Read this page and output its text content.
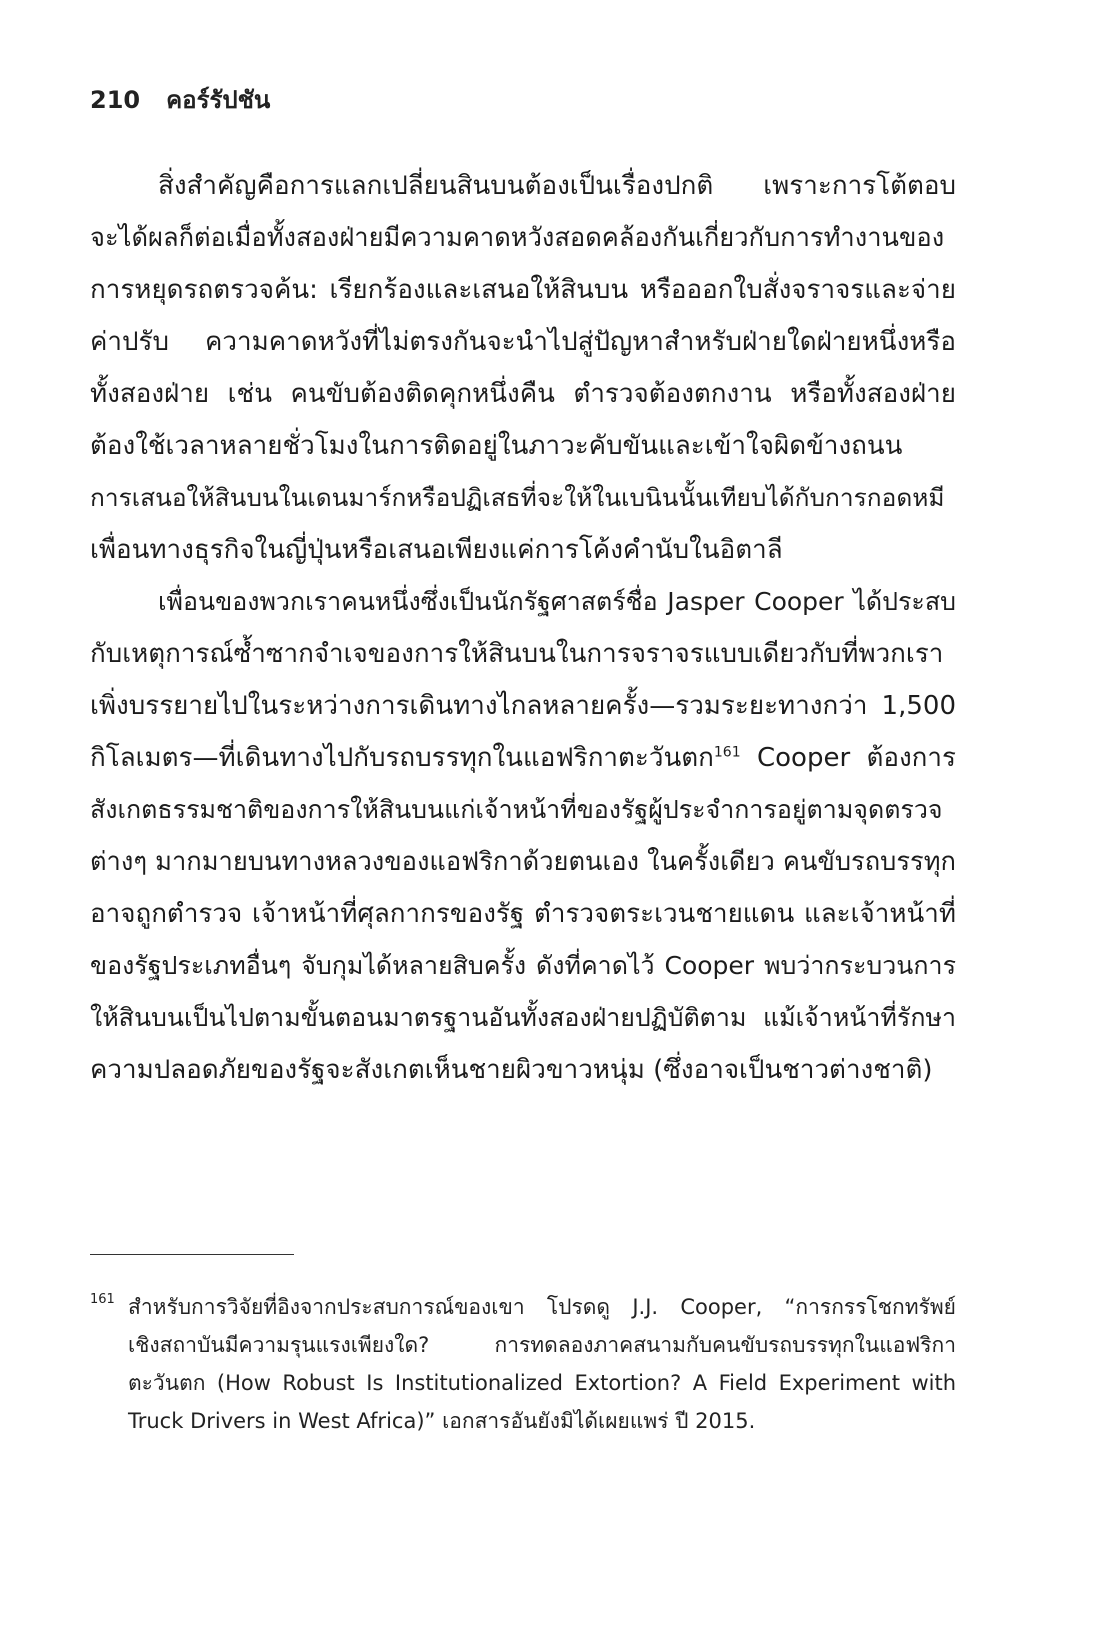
210 คอร์รัปชัน
สิ่งสำคัญคือการแลกเปลี่ยนสินบนต้องเป็นเรื่องปกติ เพราะการโต้ตอบ
จะได้ผลก็ต่อเมื่อทั้งสองฝ่ายมีความคาดหวังสอดคล้องกันเกี่ยวกับการทำงานของ
การหยุดรถตรวจค้น: เรียกร้องและเสนอให้สินบน หรือออกใบสั่งจราจรและจ่าย
ค่าปรับ ความคาดหวังที่ไม่ตรงกันจะนำไปสู่ปัญหาสำหรับฝ่ายใดฝ่ายหนึ่งหรือ
ทั้งสองฝ่าย เช่น คนขับต้องติดคุกหนึ่งคืน ตำรวจต้องตกงาน หรือทั้งสองฝ่าย
ต้องใช้เวลาหลายชั่วโมงในการติดอยู่ในภาวะคับขันและเข้าใจผิดข้างถนน
การเสนอให้สินบนในเดนมาร์กหรือปฏิเสธที่จะให้ในเบนินนั้นเทียบได้กับการกอดหมี
เพื่อนทางธุรกิจในญี่ปุ่นหรือเสนอเพียงแค่การโค้งคำนับในอิตาลี
เพื่อนของพวกเราคนหนึ่งซึ่งเป็นนักรัฐศาสตร์ชื่อ Jasper Cooper ได้ประสบ
กับเหตุการณ์ซ้ำซากจำเจของการให้สินบนในการจราจรแบบเดียวกับที่พวกเรา
เพิ่งบรรยายไปในระหว่างการเดินทางไกลหลายครั้ง—รวมระยะทางกว่า 1,500
กิโลเมตร—ที่เดินทางไปกับรถบรรทุกในแอฟริกาตะวันตก$^{161}$ Cooper ต้องการ
สังเกตธรรมชาติของการให้สินบนแก่เจ้าหน้าที่ของรัฐผู้ประจำการอยู่ตามจุดตรวจ
ต่างๆ มากมายบนทางหลวงของแอฟริกาด้วยตนเอง ในครั้งเดียว คนขับรถบรรทุก
อาจถูกตำรวจ เจ้าหน้าที่ศุลกากรของรัฐ ตำรวจตระเวนชายแดน และเจ้าหน้าที่
ของรัฐประเภทอื่นๆ จับกุมได้หลายสิบครั้ง ดังที่คาดไว้ Cooper พบว่ากระบวนการ
ให้สินบนเป็นไปตามขั้นตอนมาตรฐานอันทั้งสองฝ่ายปฏิบัติตาม แม้เจ้าหน้าที่รักษา
ความปลอดภัยของรัฐจะสังเกตเห็นชายผิวขาวหนุ่ม (ซึ่งอาจเป็นชาวต่างชาติ)
161 สำหรับการวิจัยที่อิงจากประสบการณ์ของเขา โปรดดู J.J. Cooper, “การกรรโชกทรัพย์
เชิงสถาบันมีความรุนแรงเพียงใด? การทดลองภาคสนามกับคนขับรถบรรทุกในแอฟริกา
ตะวันตก (How Robust Is Institutionalized Extortion? A Field Experiment with
Truck Drivers in West Africa)” เอกสารอันยังมิได้เผยแพร่ ปี 2015.
